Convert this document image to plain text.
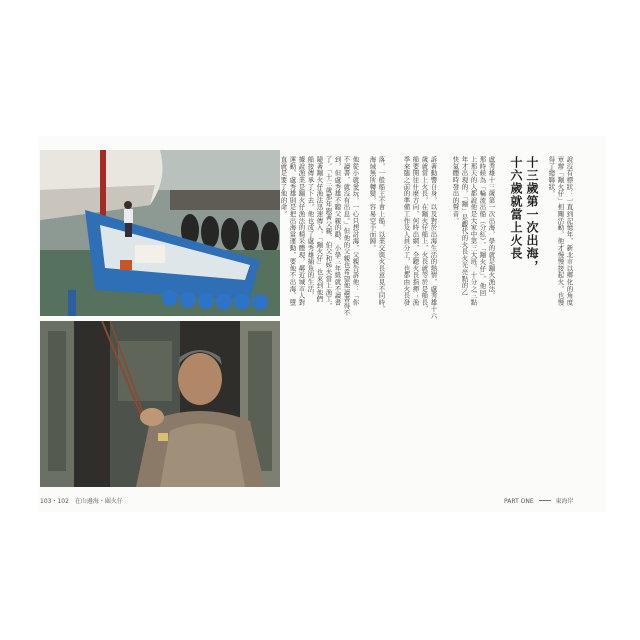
說沒有標狀：一直到記憶年，新北市以鄉化的角度
章辦「蹦火仔」相關活動，他才慢慢接起火，也慢
得了總聯狀。
十三歲第一次出海，
十六歲就當上火長
盧秀雄十三歲第一次出海，學的就是蹦火漁法，
那時候為「輪流出船（分紅），「蹦火仔」，他回
上那天的人都說他是大家中第三大班，十分之三點
年才出現的，「蹦」是觀代的火長火光亮點的乙
快氣體時發出的聲音。
訴著動響自身，以及對於出海生活的熱情，盧秀雄十六
歲就當上火長，在蹦火仔船上，火長就等於是船長，
船要開往什麼方向，何時出網，全聽火長指揮；漁
季來臨之前的準備工作及人員分工，也都由火長發
落，一般船主不會上船，以業交與火長意見不同時，
海域無所轉變，容易空手而歸。
他從小就愛玩，一心只想討海，父親告訴他：「你
不讀書，就沒有出息。」但他的父親也希望他讀書得不
到，但盧秀雄不聽父親的勸，小學三年級就不讀書
了，「十三歲那年跟著父親、伯父和姊夫當上漁工，
隨著蹦火仔漁法迅速傳入，「蹦火仔」也來到他們
船接傳承了下去，他也成了盧秀雄捕魚的生活，
據說漁業是蹦火仔漁法的精采體現，鄰近城市人對
運動，盧秀雄則是把出海當運動，要他不出海，墮
直就是要了他的命。
103・102　在山邊海・圍火仔	PART ONE	東海岸
